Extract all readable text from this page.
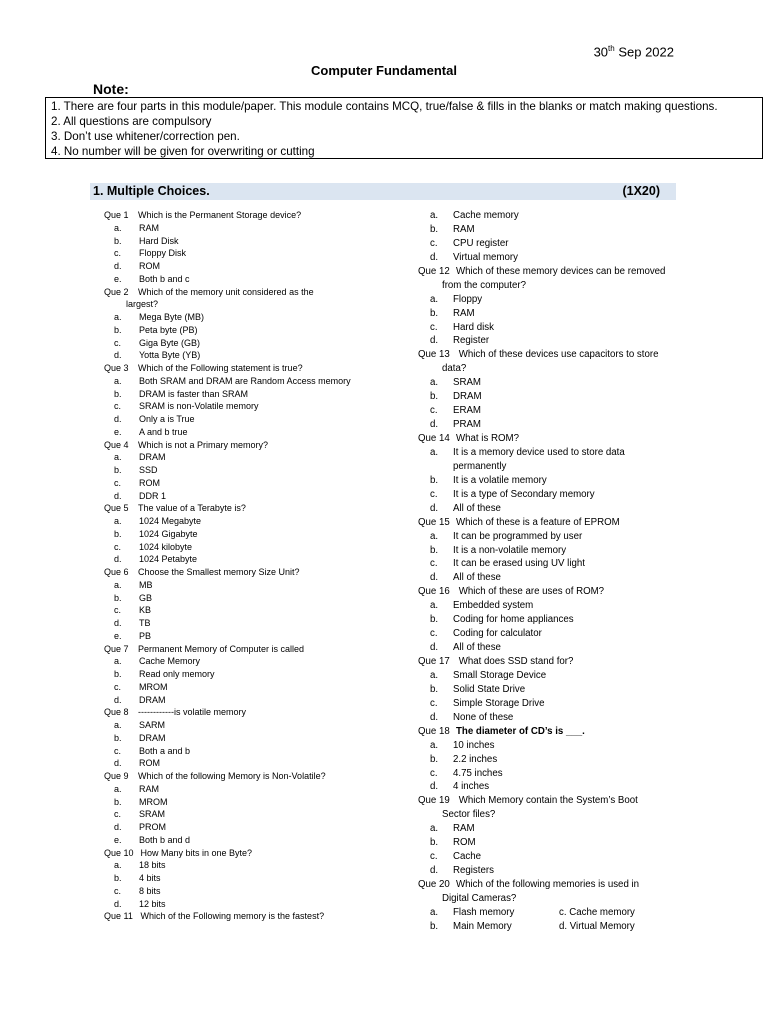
30th Sep 2022
Computer Fundamental
Note:
1. There are four parts in this module/paper. This module contains MCQ, true/false & fills in the blanks or match making questions.
2. All questions are compulsory
3. Don’t use whitener/correction pen.
4. No number will be given for overwriting or cutting
1. Multiple Choices.	(1X20)
Que 1 Which is the Permanent Storage device?
a. RAM
b. Hard Disk
c. Floppy Disk
d. ROM
e. Both b and c
Que 2 Which of the memory unit considered as the
largest?
a. Mega Byte (MB)
b. Peta byte (PB)
c. Giga Byte (GB)
d. Yotta Byte (YB)
Que 3 Which of the Following statement is true?
a. Both SRAM and DRAM are Random Access memory
b. DRAM is faster than SRAM
c. SRAM is non-Volatile memory
d. Only a is True
e. A and b true
Que 4 Which is not a Primary memory?
a. DRAM
b. SSD
c. ROM
d. DDR 1
Que 5 The value of a Terabyte is?
a. 1024 Megabyte
b. 1024 Gigabyte
c. 1024 kilobyte
d. 1024 Petabyte
Que 6 Choose the Smallest memory Size Unit?
a. MB
b. GB
c. KB
d. TB
e. PB
Que 7 Permanent Memory of Computer is called
a. Cache Memory
b. Read only memory
c. MROM
d. DRAM
Que 8 ------------is volatile memory
a. SARM
b. DRAM
c. Both a and b
d. ROM
Que 9 Which of the following Memory is Non-Volatile?
a. RAM
b. MROM
c. SRAM
d. PROM
e. Both b and d
Que 10 How Many bits in one Byte?
a. 18 bits
b. 4 bits
c. 8 bits
d. 12 bits
Que 11 Which of the Following memory is the fastest?
a. Cache memory
b. RAM
c. CPU register
d. Virtual memory
Que 12 Which of these memory devices can be removed
from the computer?
a. Floppy
b. RAM
c. Hard disk
d. Register
Que 13 Which of these devices use capacitors to store
data?
a. SRAM
b. DRAM
c. ERAM
d. PRAM
Que 14 What is ROM?
a. It is a memory device used to store data
permanently
b. It is a volatile memory
c. It is a type of Secondary memory
d. All of these
Que 15 Which of these is a feature of EPROM
a. It can be programmed by user
b. It is a non-volatile memory
c. It can be erased using UV light
d. All of these
Que 16 Which of these are uses of ROM?
a. Embedded system
b. Coding for home appliances
c. Coding for calculator
d. All of these
Que 17 What does SSD stand for?
a. Small Storage Device
b. Solid State Drive
c. Simple Storage Drive
d. None of these
Que 18 The diameter of CD’s is ___.
a. 10 inches
b. 2.2 inches
c. 4.75 inches
d. 4 inches
Que 19 Which Memory contain the System’s Boot
Sector files?
a. RAM
b. ROM
c. Cache
d. Registers
Que 20 Which of the following memories is used in
Digital Cameras?
a. Flash memory	c. Cache memory
b. Main Memory	d. Virtual Memory
